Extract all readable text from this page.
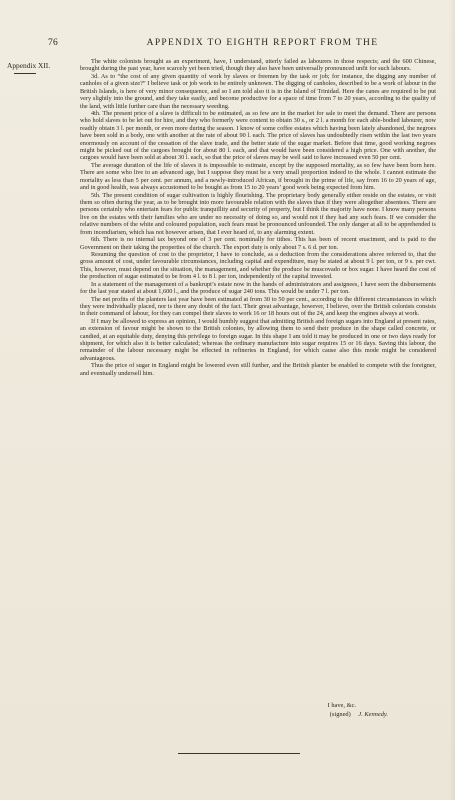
76	APPENDIX TO EIGHTH REPORT FROM THE
Appendix XII.	The white colonists brought as an experiment, have, I understand, utterly failed as labourers in those respects; and the 600 Chinese, brought during the past year, have scarcely yet been tried, though they also have been universally pronounced unfit for such labours.

3d. As to “the cost of any given quantity of work by slaves or freemen by the task or job; for instance, the digging any number of canholes of a given size?” I believe task or job work to be entirely unknown. The digging of canholes, described to be a work of labour in the British Islands, is here of very minor consequence, and so I am told also it is in the Island of Trinidad. Here the canes are required to be put very slightly into the ground, and they take easily, and become productive for a space of time from 7 to 20 years, according to the quality of the land, with little further care than the necessary weeding.

4th. The present price of a slave is difficult to be estimated, as so few are in the market for sale to meet the demand. There are persons who hold slaves to be let out for hire, and they who formerly were content to obtain 30 s., or 2 l. a month for each able-bodied labourer, now readily obtain 3 l. per month, or even more during the season. I know of some coffee estates which having been lately abandoned, the negroes have been sold in a body, one with another at the rate of about 90 l. each. The price of slaves has undoubtedly risen within the last two years enormously on account of the cessation of the slave trade, and the better state of the sugar market. Before that time, good working negroes might be picked out of the cargoes brought for about 80 l. each, and that would have been considered a high price. One with another, the cargoes would have been sold at about 30 l. each, so that the price of slaves may be well said to have increased even 50 per cent.

The average duration of the life of slaves it is impossible to estimate, except by the supposed mortality, as so few have been born here. There are some who live to an advanced age, but I suppose they must be a very small proportion indeed to the whole. I cannot estimate the mortality as less than 5 per cent. per annum, and a newly-introduced African, if brought in the prime of life, say from 16 to 20 years of age, and in good health, was always accustomed to be bought as from 15 to 20 years’ good work being expected from him.

5th. The present condition of sugar cultivation is highly flourishing. The proprietary body generally either reside on the estates, or visit them so often during the year, as to be brought into more favourable relation with the slaves than if they were altogether absentees. There are persons certainly who entertain fears for public tranquillity and security of property, but I think the majority have none. I know many persons live on the estates with their families who are under no necessity of doing so, and would not if they had any such fears. If we consider the relative numbers of the white and coloured population, such fears must be pronounced unfounded. The only danger at all to be apprehended is from incendiarism, which has not however arisen, that I ever heard of, to any alarming extent.

6th. There is no internal tax beyond one of 3 per cent. nominally for tithes. This has been of recent enactment, and is paid to the Government on their taking the properties of the church. The export duty is only about 7 s. 6 d. per ton.

Resuming the question of cost to the proprietor, I have to conclude, as a deduction from the considerations above referred to, that the gross amount of cost, under favourable circumstances, including capital and expenditure, may be stated at about 9 l. per ton, or 9 s. per cwt. This, however, must depend on the situation, the management, and whether the produce be muscovado or box sugar. I have heard the cost of the production of sugar estimated to be from 4 l. to 8 l. per ton, independently of the capital invested.

In a statement of the management of a bankrupt’s estate now in the hands of administrators and assignees, I have seen the disbursements for the last year stated at about 1,600 l., and the produce of sugar 240 tons. This would be under 7 l. per ton.

The net profits of the planters last year have been estimated at from 30 to 50 per cent., according to the different circumstances in which they were individually placed, nor is there any doubt of the fact. Their great advantage, however, I believe, over the British colonists consists in their command of labour, for they can compel their slaves to work 16 or 18 hours out of the 24, and keep the engines always at work.

If I may be allowed to express an opinion, I would humbly suggest that admitting British and foreign sugars into England at present rates, an extension of favour might be shown to the British colonies, by allowing them to send their produce in the shape called concrete, or candied, at an equitable duty, denying this privilege to foreign sugar. In this shape I am told it may be produced in one or two days ready for shipment, for which also it is better calculated; whereas the ordinary manufacture into sugar requires 15 or 16 days. Saving this labour, the remainder of the labour necessary might be effected in refineries in England, for which cause also this mode might be considered advantageous.

Thus the price of sugar in England might be lowered even still further, and the British planter be enabled to compete with the foreigner, and eventually undersell him.

I have, &c.
(signed) J. Kennedy.
